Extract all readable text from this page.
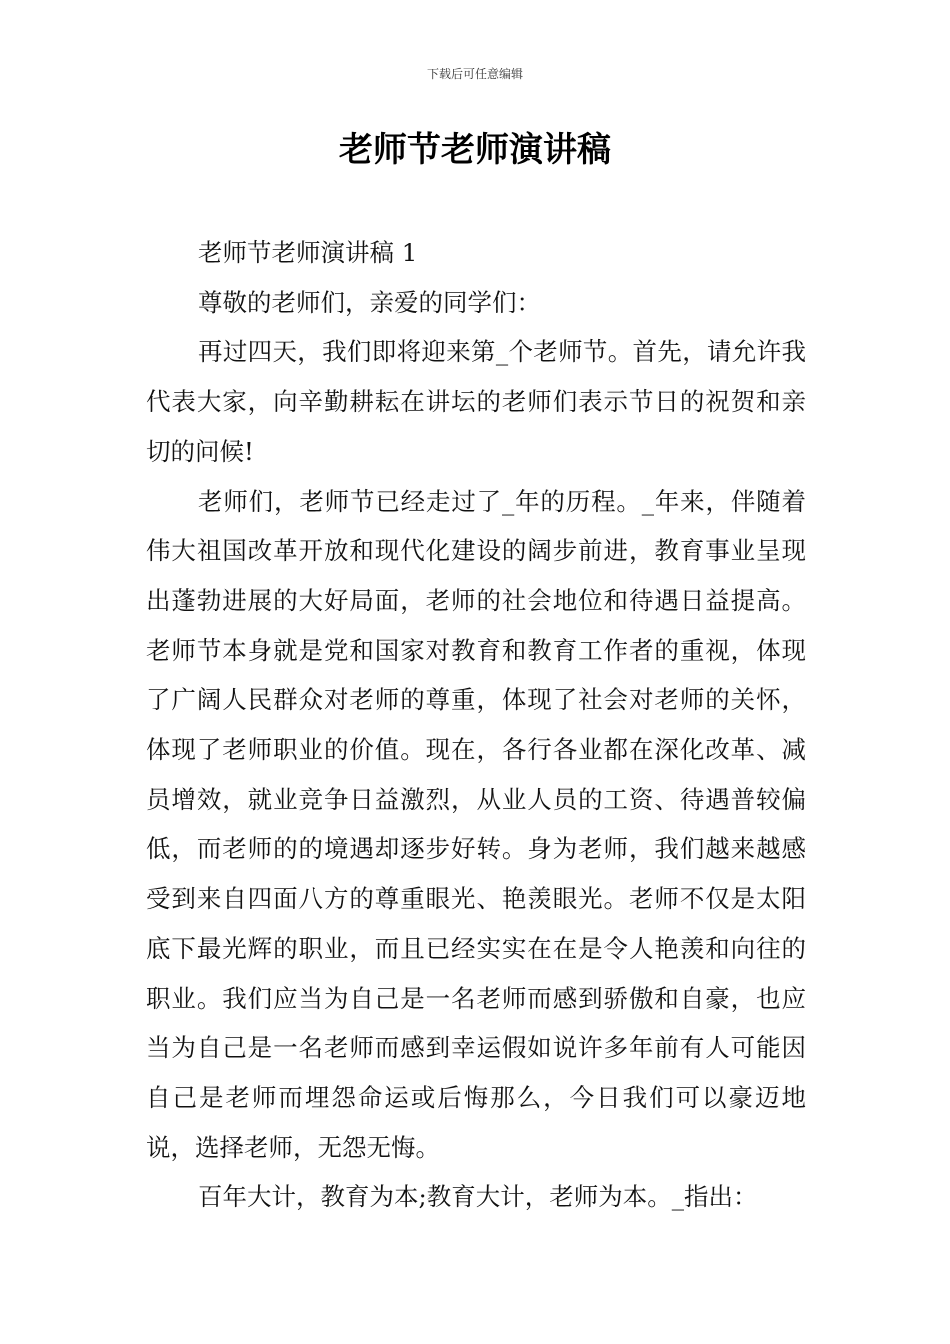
下载后可任意编辑
老师节老师演讲稿

老师节老师演讲稿 1

尊敬的老师们，亲爱的同学们：

再过四天，我们即将迎来第_个老师节。首先，请允许我代表大家，向辛勤耕耘在讲坛的老师们表示节日的祝贺和亲切的问候!

老师们，老师节已经走过了_年的历程。_年来，伴随着伟大祖国改革开放和现代化建设的阔步前进，教育事业呈现出蓬勃进展的大好局面，老师的社会地位和待遇日益提高。老师节本身就是党和国家对教育和教育工作者的重视，体现了广阔人民群众对老师的尊重，体现了社会对老师的关怀，体现了老师职业的价值。现在，各行各业都在深化改革、减员增效，就业竞争日益激烈，从业人员的工资、待遇普较偏低，而老师的的境遇却逐步好转。身为老师，我们越来越感受到来自四面八方的尊重眼光、艳羡眼光。老师不仅是太阳底下最光辉的职业，而且已经实实在在是令人艳羡和向往的职业。我们应当为自己是一名老师而感到骄傲和自豪，也应当为自己是一名老师而感到幸运假如说许多年前有人可能因自己是老师而埋怨命运或后悔那么，今日我们可以豪迈地说，选择老师，无怨无悔。

百年大计，教育为本;教育大计，老师为本。_指出：
